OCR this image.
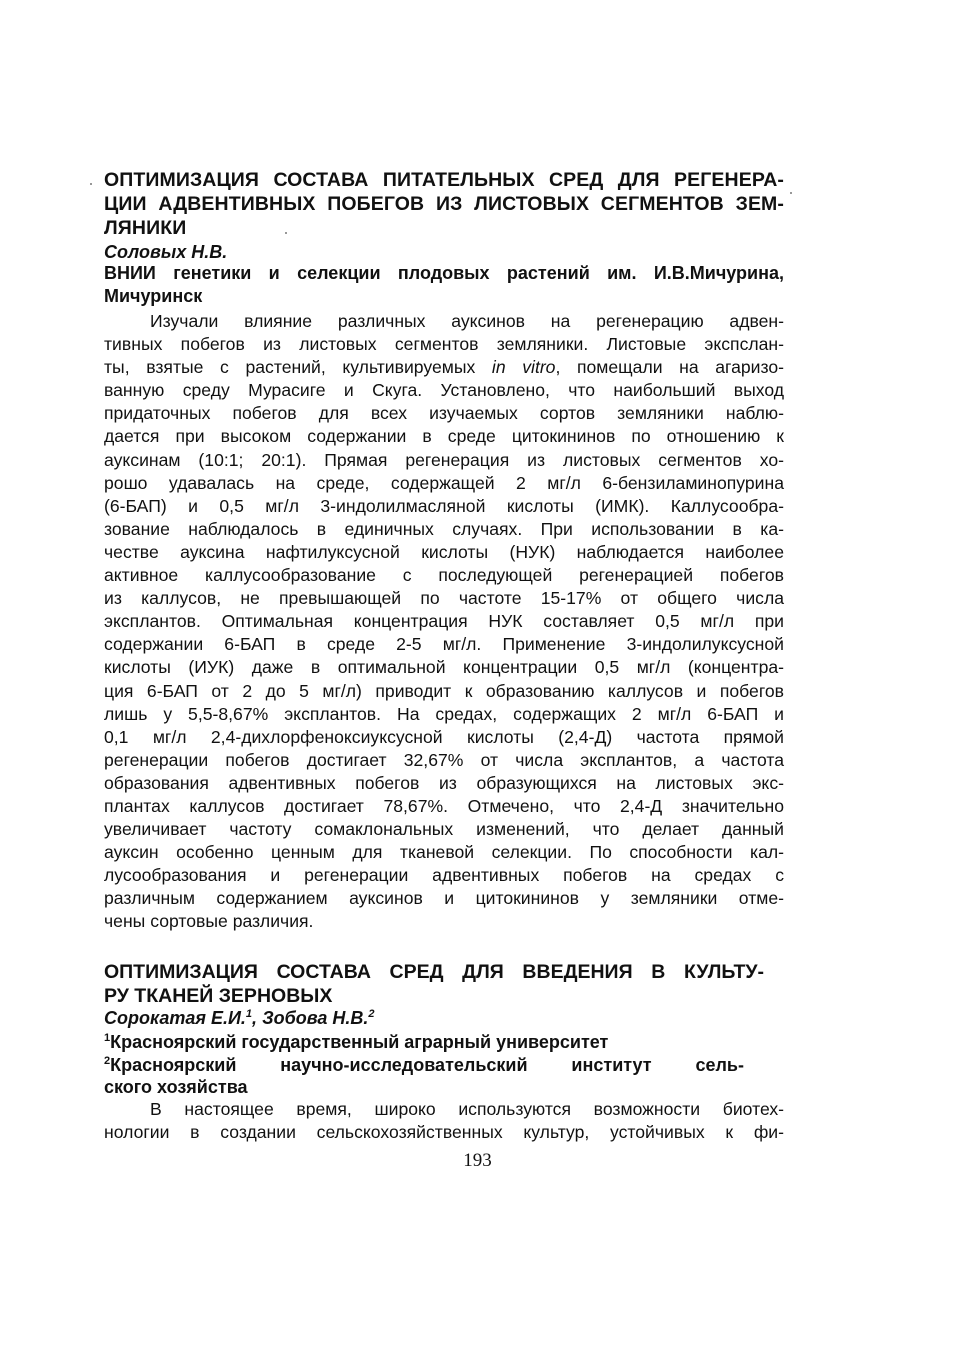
ОПТИМИЗАЦИЯ СОСТАВА ПИТАТЕЛЬНЫХ СРЕД ДЛЯ РЕГЕНЕРА-
ЦИИ АДВЕНТИВНЫХ ПОБЕГОВ ИЗ ЛИСТОВЫХ СЕГМЕНТОВ ЗЕМ-
ЛЯНИКИ
Соловых Н.В.
ВНИИ генетики и селекции плодовых растений им. И.В.Мичурина,
Мичуринск
Изучали влияние различных ауксинов на регенерацию адвен-
тивных побегов из листовых сегментов земляники. Листовые экспслан-
ты, взятые с растений, культивируемых in vitro, помещали на агаризо-
ванную среду Мурасиге и Скуга. Установлено, что наибольший выход
придаточных побегов для всех изучаемых сортов земляники наблю-
дается при высоком содержании в среде цитокининов по отношению к
ауксинам (10:1; 20:1). Прямая регенерация из листовых сегментов хо-
рошо удавалась на среде, содержащей 2 мг/л 6-бензиламинопурина
(6-БАП) и 0,5 мг/л 3-индолилмасляной кислоты (ИМК). Каллусообра-
зование наблюдалось в единичных случаях. При использовании в ка-
честве ауксина нафтилуксусной кислоты (НУК) наблюдается наиболее
активное каллусообразование с последующей регенерацией побегов
из каллусов, не превышающей по частоте 15-17% от общего числа
эксплантов. Оптимальная концентрация НУК составляет 0,5 мг/л при
содержании 6-БАП в среде 2-5 мг/л. Применение 3-индолилуксусной
кислоты (ИУК) даже в оптимальной концентрации 0,5 мг/л (концентра-
ция 6-БАП от 2 до 5 мг/л) приводит к образованию каллусов и побегов
лишь у 5,5-8,67% эксплантов. На средах, содержащих 2 мг/л 6-БАП и
0,1 мг/л 2,4-дихлорфеноксиуксусной кислоты (2,4-Д) частота прямой
регенерации побегов достигает 32,67% от числа эксплантов, а частота
образования адвентивных побегов из образующихся на листовых экс-
плантах каллусов достигает 78,67%. Отмечено, что 2,4-Д значительно
увеличивает частоту сомаклональных изменений, что делает данный
ауксин особенно ценным для тканевой селекции. По способности кал-
лусообразования и регенерации адвентивных побегов на средах с
различным содержанием ауксинов и цитокининов у земляники отме-
чены сортовые различия.
ОПТИМИЗАЦИЯ СОСТАВА СРЕД ДЛЯ ВВЕДЕНИЯ В КУЛЬТУ-
РУ ТКАНЕЙ ЗЕРНОВЫХ
Сорокатая Е.И.$^1$, Зобова Н.В.$^2$
$^1$Красноярский государственный аграрный университет
$^2$Красноярский научно-исследовательский институт сель-
ского хозяйства
В настоящее время, широко используются возможности биотех-
нологии в создании сельскохозяйственных культур, устойчивых к фи-
193
